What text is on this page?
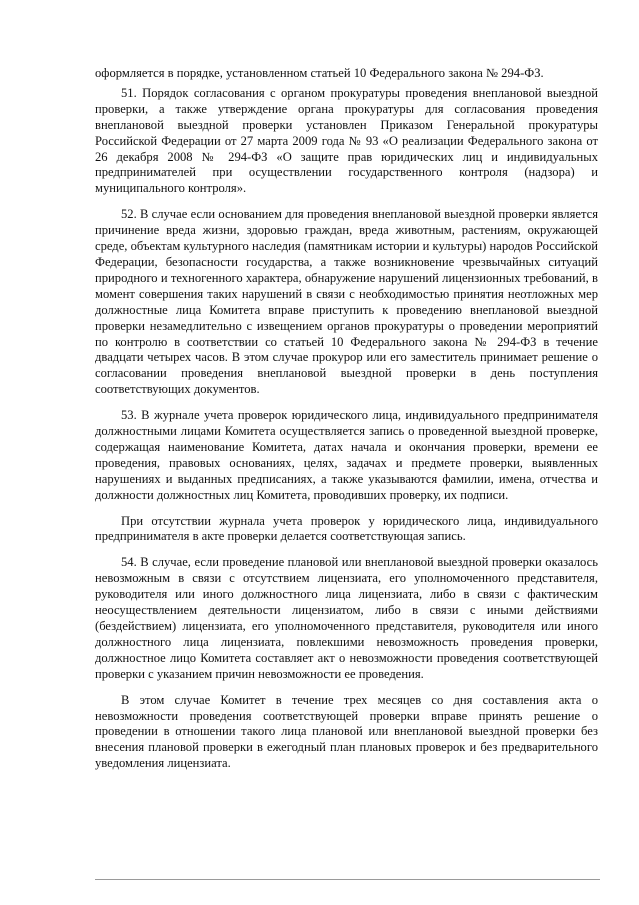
оформляется в порядке, установленном статьей 10 Федерального закона № 294-ФЗ.

51. Порядок согласования с органом прокуратуры проведения внеплановой выездной проверки, а также утверждение органа прокуратуры для согласования проведения внеплановой выездной проверки установлен Приказом Генеральной прокуратуры Российской Федерации от 27 марта 2009 года № 93 «О реализации Федерального закона от 26 декабря 2008 № 294-ФЗ «О защите прав юридических лиц и индивидуальных предпринимателей при осуществлении государственного контроля (надзора) и муниципального контроля».

52. В случае если основанием для проведения внеплановой выездной проверки является причинение вреда жизни, здоровью граждан, вреда животным, растениям, окружающей среде, объектам культурного наследия (памятникам истории и культуры) народов Российской Федерации, безопасности государства, а также возникновение чрезвычайных ситуаций природного и техногенного характера, обнаружение нарушений лицензионных требований, в момент совершения таких нарушений в связи с необходимостью принятия неотложных мер должностные лица Комитета вправе приступить к проведению внеплановой выездной проверки незамедлительно с извещением органов прокуратуры о проведении мероприятий по контролю в соответствии со статьей 10 Федерального закона № 294-ФЗ в течение двадцати четырех часов. В этом случае прокурор или его заместитель принимает решение о согласовании проведения внеплановой выездной проверки в день поступления соответствующих документов.

53. В журнале учета проверок юридического лица, индивидуального предпринимателя должностными лицами Комитета осуществляется запись о проведенной выездной проверке, содержащая наименование Комитета, датах начала и окончания проверки, времени ее проведения, правовых основаниях, целях, задачах и предмете проверки, выявленных нарушениях и выданных предписаниях, а также указываются фамилии, имена, отчества и должности должностных лиц Комитета, проводивших проверку, их подписи.

При отсутствии журнала учета проверок у юридического лица, индивидуального предпринимателя в акте проверки делается соответствующая запись.

54. В случае, если проведение плановой или внеплановой выездной проверки оказалось невозможным в связи с отсутствием лицензиата, его уполномоченного представителя, руководителя или иного должностного лица лицензиата, либо в связи с фактическим неосуществлением деятельности лицензиатом, либо в связи с иными действиями (бездействием) лицензиата, его уполномоченного представителя, руководителя или иного должностного лица лицензиата, повлекшими невозможность проведения проверки, должностное лицо Комитета составляет акт о невозможности проведения соответствующей проверки с указанием причин невозможности ее проведения.

В этом случае Комитет в течение трех месяцев со дня составления акта о невозможности проведения соответствующей проверки вправе принять решение о проведении в отношении такого лица плановой или внеплановой выездной проверки без внесения плановой проверки в ежегодный план плановых проверок и без предварительного уведомления лицензиата.
